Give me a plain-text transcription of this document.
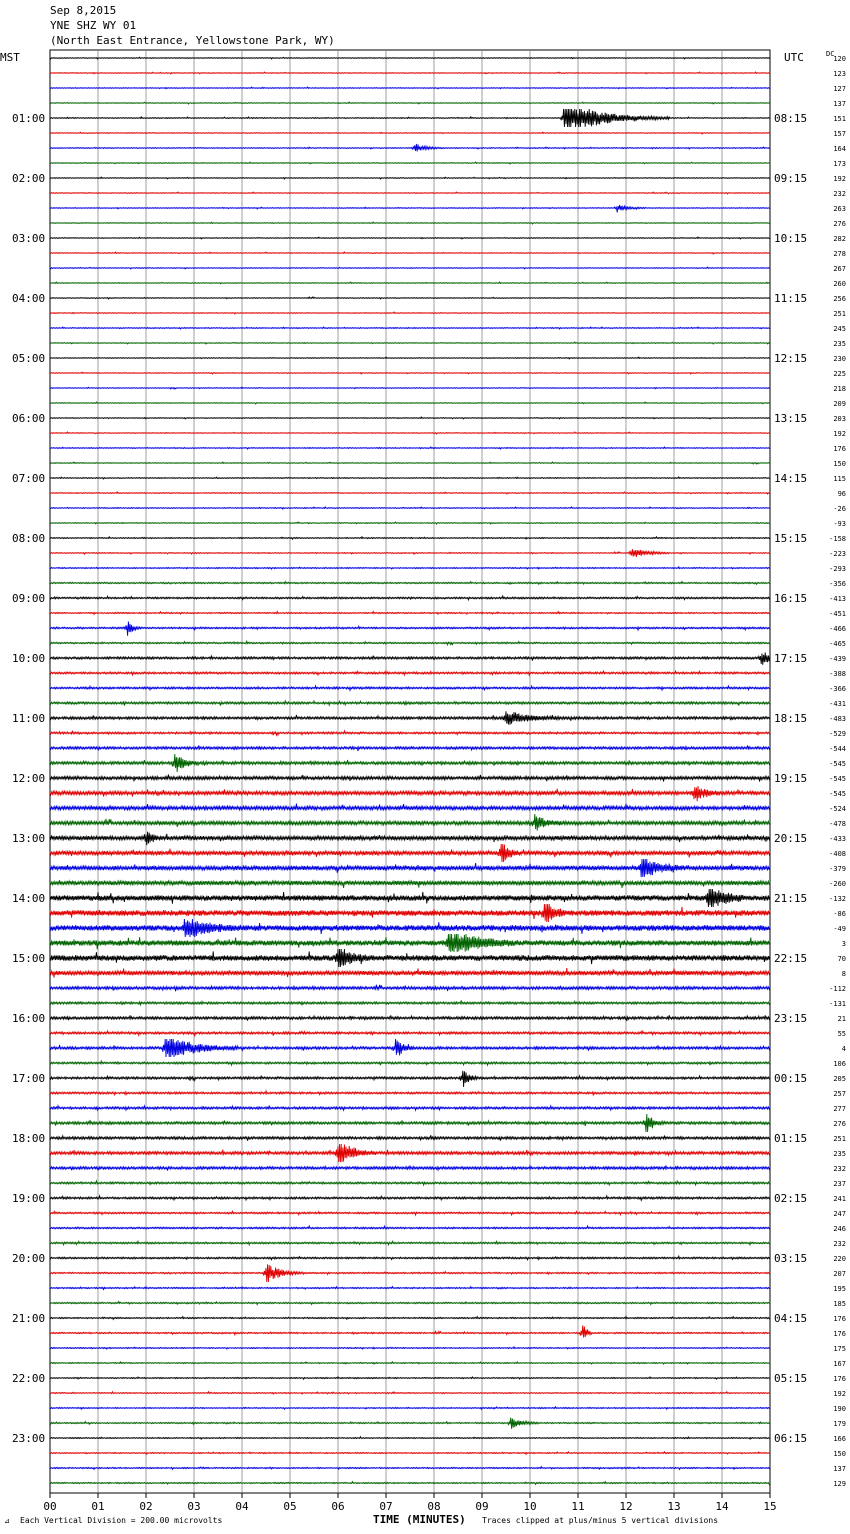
Sep 8,2015
YNE SHZ WY 01
(North East Entrance, Yellowstone Park, WY)
MST	UTC	DC
00	01	02	03	04	05	06	07	08	09	10	11	12	13	14	15
01:00
02:00
03:00
04:00
05:00
06:00
07:00
08:00
09:00
10:00
11:00
12:00
13:00
14:00
15:00
16:00
17:00
18:00
19:00
20:00
21:00
22:00
23:00
08:15
09:15
10:15
11:15
12:15
13:15
14:15
15:15
16:15
17:15
18:15
19:15
20:15
21:15
22:15
23:15
00:15
01:15
02:15
03:15
04:15
05:15
06:15
120
123
127
137
151
157
164
173
192
232
263
276
282
278
267
260
256
251
245
235
230
225
218
209
203
192
176
150
115
96
-26
-93
-158
-223
-293
-356
-413
-451
-466
-465
-439
-388
-366
-431
-483
-529
-544
-545
-545
-545
-524
-478
-433
-408
-379
-260
-132
-86
-49
3
70
8
-112
-131
21
55
4
106
205
257
277
276
251
235
232
237
241
247
246
232
220
207
195
185
176
176
175
167
176
192
190
179
166
150
137
129
⊿ Each Vertical Division = 200.00 microvolts	TIME (MINUTES) Traces clipped at plus/minus 5 vertical divisions
